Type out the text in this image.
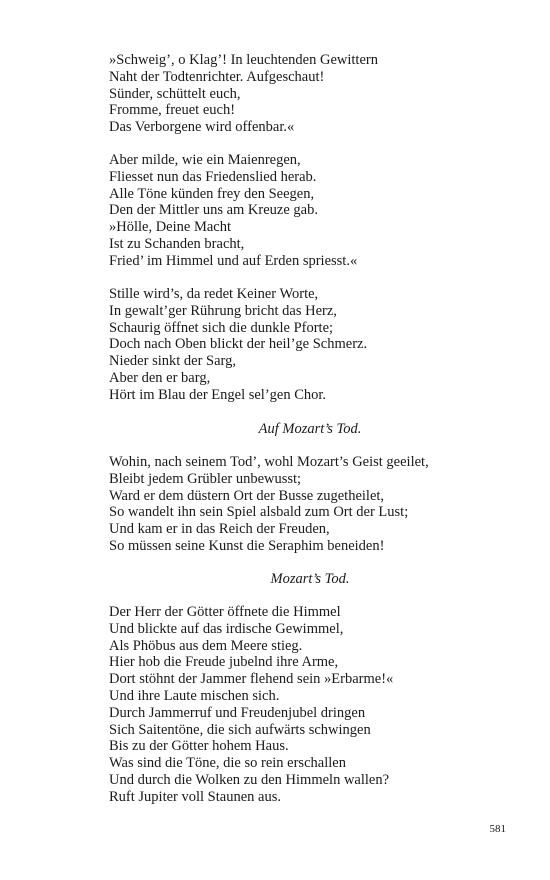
»Schweig’, o Klag’! In leuchtenden Gewittern
Naht der Todtenrichter. Aufgeschaut!
Sünder, schüttelt euch,
Fromme, freuet euch!
Das Verborgene wird offenbar.«
Aber milde, wie ein Maienregen,
Fliesset nun das Friedenslied herab.
Alle Töne künden frey den Seegen,
Den der Mittler uns am Kreuze gab.
»Hölle, Deine Macht
Ist zu Schanden bracht,
Fried’ im Himmel und auf Erden spriesst.«
Stille wird’s, da redet Keiner Worte,
In gewalt’ger Rührung bricht das Herz,
Schaurig öffnet sich die dunkle Pforte;
Doch nach Oben blickt der heil’ge Schmerz.
Nieder sinkt der Sarg,
Aber den er barg,
Hört im Blau der Engel sel’gen Chor.
Auf Mozart’s Tod.
Wohin, nach seinem Tod’, wohl Mozart’s Geist geeilet,
Bleibt jedem Grübler unbewusst;
Ward er dem düstern Ort der Busse zugetheilet,
So wandelt ihn sein Spiel alsbald zum Ort der Lust;
Und kam er in das Reich der Freuden,
So müssen seine Kunst die Seraphim beneiden!
Mozart’s Tod.
Der Herr der Götter öffnete die Himmel
Und blickte auf das irdische Gewimmel,
Als Phöbus aus dem Meere stieg.
Hier hob die Freude jubelnd ihre Arme,
Dort stöhnt der Jammer flehend sein »Erbarme!«
Und ihre Laute mischen sich.
Durch Jammerruf und Freudenjubel dringen
Sich Saitentöne, die sich aufwärts schwingen
Bis zu der Götter hohem Haus.
Was sind die Töne, die so rein erschallen
Und durch die Wolken zu den Himmeln wallen?
Ruft Jupiter voll Staunen aus.
581
